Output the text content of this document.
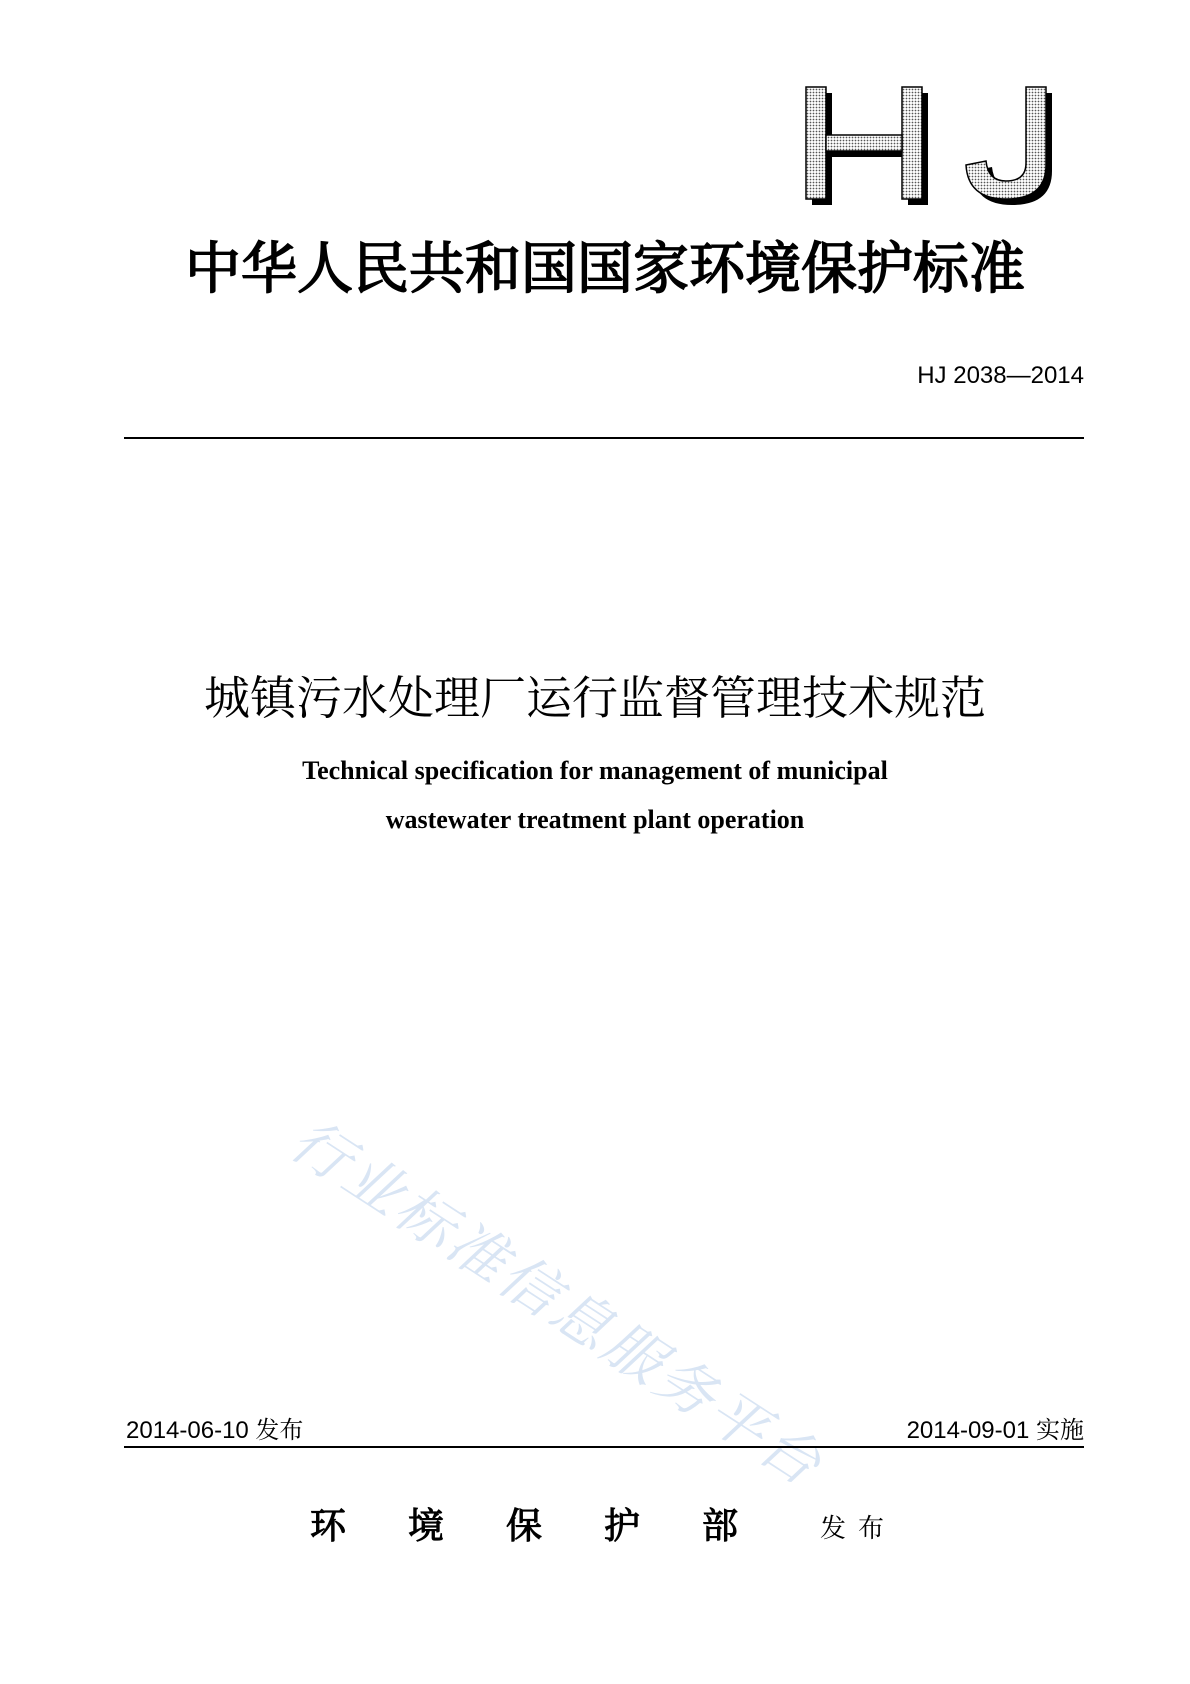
中华人民共和国国家环境保护标准
HJ 2038—2014
城镇污水处理厂运行监督管理技术规范
Technical specification for management of municipal
wastewater treatment plant operation
行业标准信息服务平台
2014-06-10 发布	2014-09-01 实施
环境保护部 发布
